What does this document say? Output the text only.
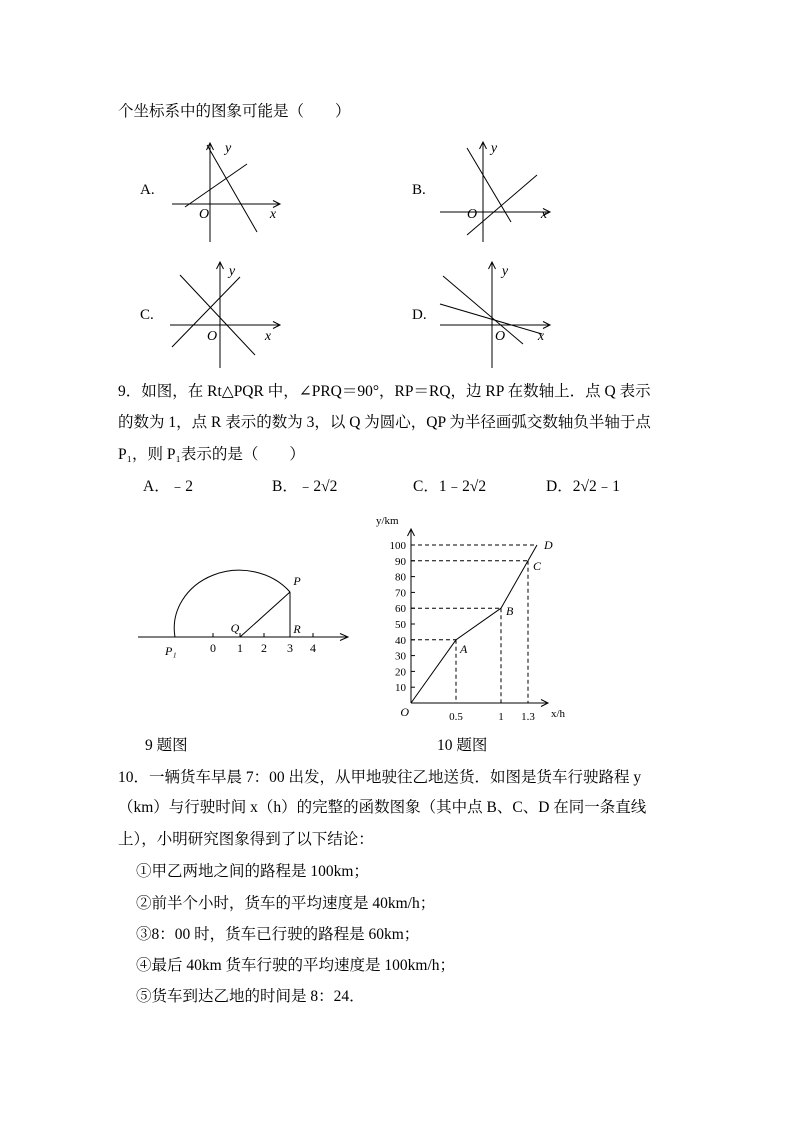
个坐标系中的图象可能是（　　）
A.	B.
C.	D.
y
O	x
y
O	x
y
O	x
y
O x
9．如图，在 Rt△PQR 中，∠PRQ＝90°，RP＝RQ，边 RP 在数轴上．点 Q 表示
的数为 1，点 R 表示的数为 3，以 Q 为圆心，QP 为半径画弧交数轴负半轴于点
P₁，则 P₁表示的是（　　）
A．﹣2	B．﹣2√2	C．1﹣2√2	D．2√2﹣1
0 1 2 3 4
P₁
Q	R
P
y/km
x/h
O
10
20
30
40
50
60
70
80
90
100
0.5	1 1.3
A
B
C
D
9 题图	10 题图
10．一辆货车早晨 7：00 出发，从甲地驶往乙地送货．如图是货车行驶路程 y
（km）与行驶时间 x（h）的完整的函数图象（其中点 B、C、D 在同一条直线
上），小明研究图象得到了以下结论：
①甲乙两地之间的路程是 100km；
②前半个小时，货车的平均速度是 40km/h；
③8：00 时，货车已行驶的路程是 60km；
④最后 40km 货车行驶的平均速度是 100km/h；
⑤货车到达乙地的时间是 8：24．
